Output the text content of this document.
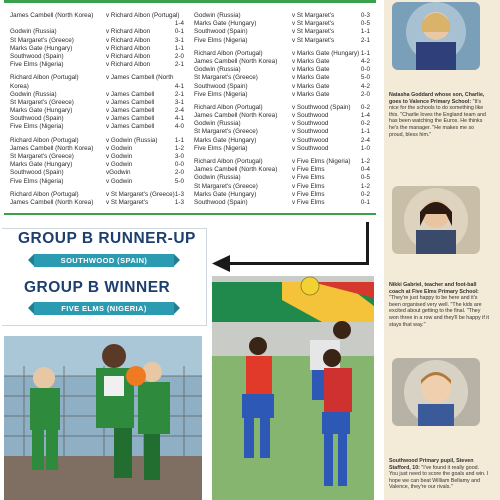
James Cambell (North Korea) v Richard Albon (Portugal)
1-4
Godwin (Russia)	v Richard Albon	0-1
St Margaret's (Greece)	v Richard Albon	3-1
Marks Gate (Hungary)	v Richard Albon	1-1
Southwood (Spain)	v Richard Albon	2-0
Five Elms (Nigeria)	v Richard Albon	2-1
Richard Albon (Portugal)	v James Cambell (North
Korea)	4-1
Godwin (Russia)	v James Cambell	2-1
St Margaret's (Greece)	v James Cambell	3-1
Marks Gate (Hungary)	v James Cambell	2-4
Southwood (Spain)	v James Cambell	4-1
Five Elms (Nigeria)	v James Cambell	4-0
Richard Albon (Portugal)	v Godwin (Russia)	1-1
James Cambell (North Korea) v Godwin	1-2
St Margaret's (Greece)	v Godwin	3-0
Marks Gate (Hungary)	v Godwin	0-0
Southwood (Spain)	vGodwin	2-0
Five Elms (Nigeria)	v Godwin	5-0
Richard Albon (Portugal)	v St Margaret's (Greece) 1-3
James Cambell (North Korea) v St Margaret's	1-3
Godwin (Russia)	v St Margaret's	0-3
Marks Gate (Hungary)	v St Margaret's	0-5
Southwood (Spain)	v St Margaret's	1-1
Five Elms (Nigeria)	v St Margaret's	2-1
Richard Albon (Portugal)	v Marks Gate (Hungary) 1-1
James Cambell (North Korea) v Marks Gate	4-2
Godwin (Russia)	v Marks Gate	0-0
St Margaret's (Greece)	v Marks Gate	5-0
Southwood (Spain)	v Marks Gate	4-2
Five Elms (Nigeria)	v Marks Gate	2-0
Richard Albon (Portugal)	v Southwood (Spain) 0-2
James Cambell (North Korea) v Southwood	1-4
Godwin (Russia)	v Southwood	0-2
St Margaret's (Greece)	v Southwood	1-1
Marks Gate (Hungary)	v Southwood	2-4
Five Elms (Nigeria)	v Southwood	1-0
Richard Albon (Portugal)	v Five Elms (Nigeria) 1-2
James Cambell (North Korea) v Five Elms	0-4
Godwin (Russia)	v Five Elms	0-5
St Margaret's (Greece)	v Five Elms	1-2
Marks Gate (Hungary)	v Five Elms	0-2
Southwood (Spain)	v Five Elms	0-1
GROUP B RUNNER-UP
SOUTHWOOD (SPAIN)
GROUP B WINNER
FIVE ELMS (NIGERIA)
Natasha Goddard whose son, Charlie, goes to Valence Primary School: "It's nice for the schools to do something like this. "Charlie loves the England team and has been watching the Euros. He thinks he's the manager. "He makes me so proud, bless him."
Nikki Gabriel, teacher and foot-ball coach at Five Elms Primary School: "They're just happy to be here and it's been organised very well. "The kids are excited about getting to the final. "They won three in a row and they'll be happy if it stays that way."
Southwood Primary pupil, Steven Stafford, 10: "I've found it really good. You just need to score the goals and win. I hope we can beat William Bellamy and Valence, they're our rivals."
